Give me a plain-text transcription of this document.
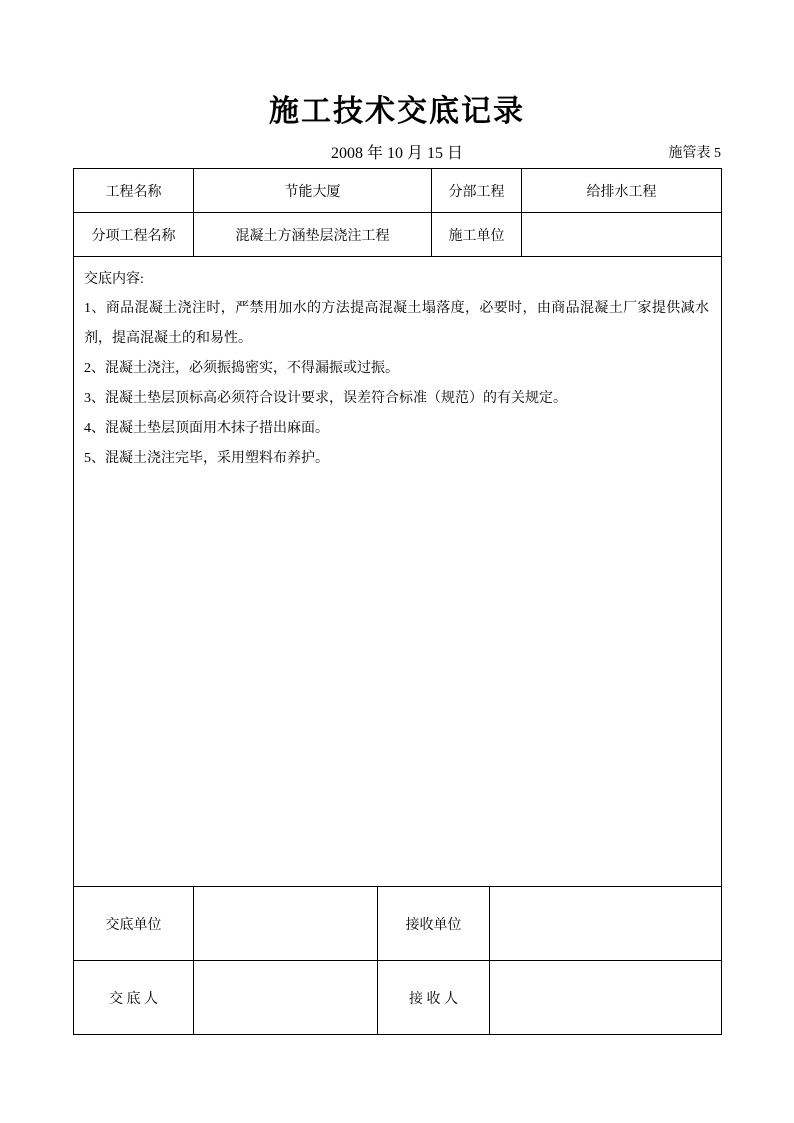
施工技术交底记录
2008 年 10 月 15 日	施管表 5
工程名称	节能大厦	分部工程	给排水工程
分项工程名称	混凝土方涵垫层浇注工程	施工单位	
交底内容:

1、商品混凝土浇注时，严禁用加水的方法提高混凝土塌落度，必要时，由商品混凝土厂家提供减水剂，提高混凝土的和易性。

2、混凝土浇注，必须振捣密实，不得漏振或过振。

3、混凝土垫层顶标高必须符合设计要求，误差符合标准（规范）的有关规定。

4、混凝土垫层顶面用木抹子措出麻面。

5、混凝土浇注完毕，采用塑料布养护。

交底单位		接收单位	
交 底 人		接 收 人	
